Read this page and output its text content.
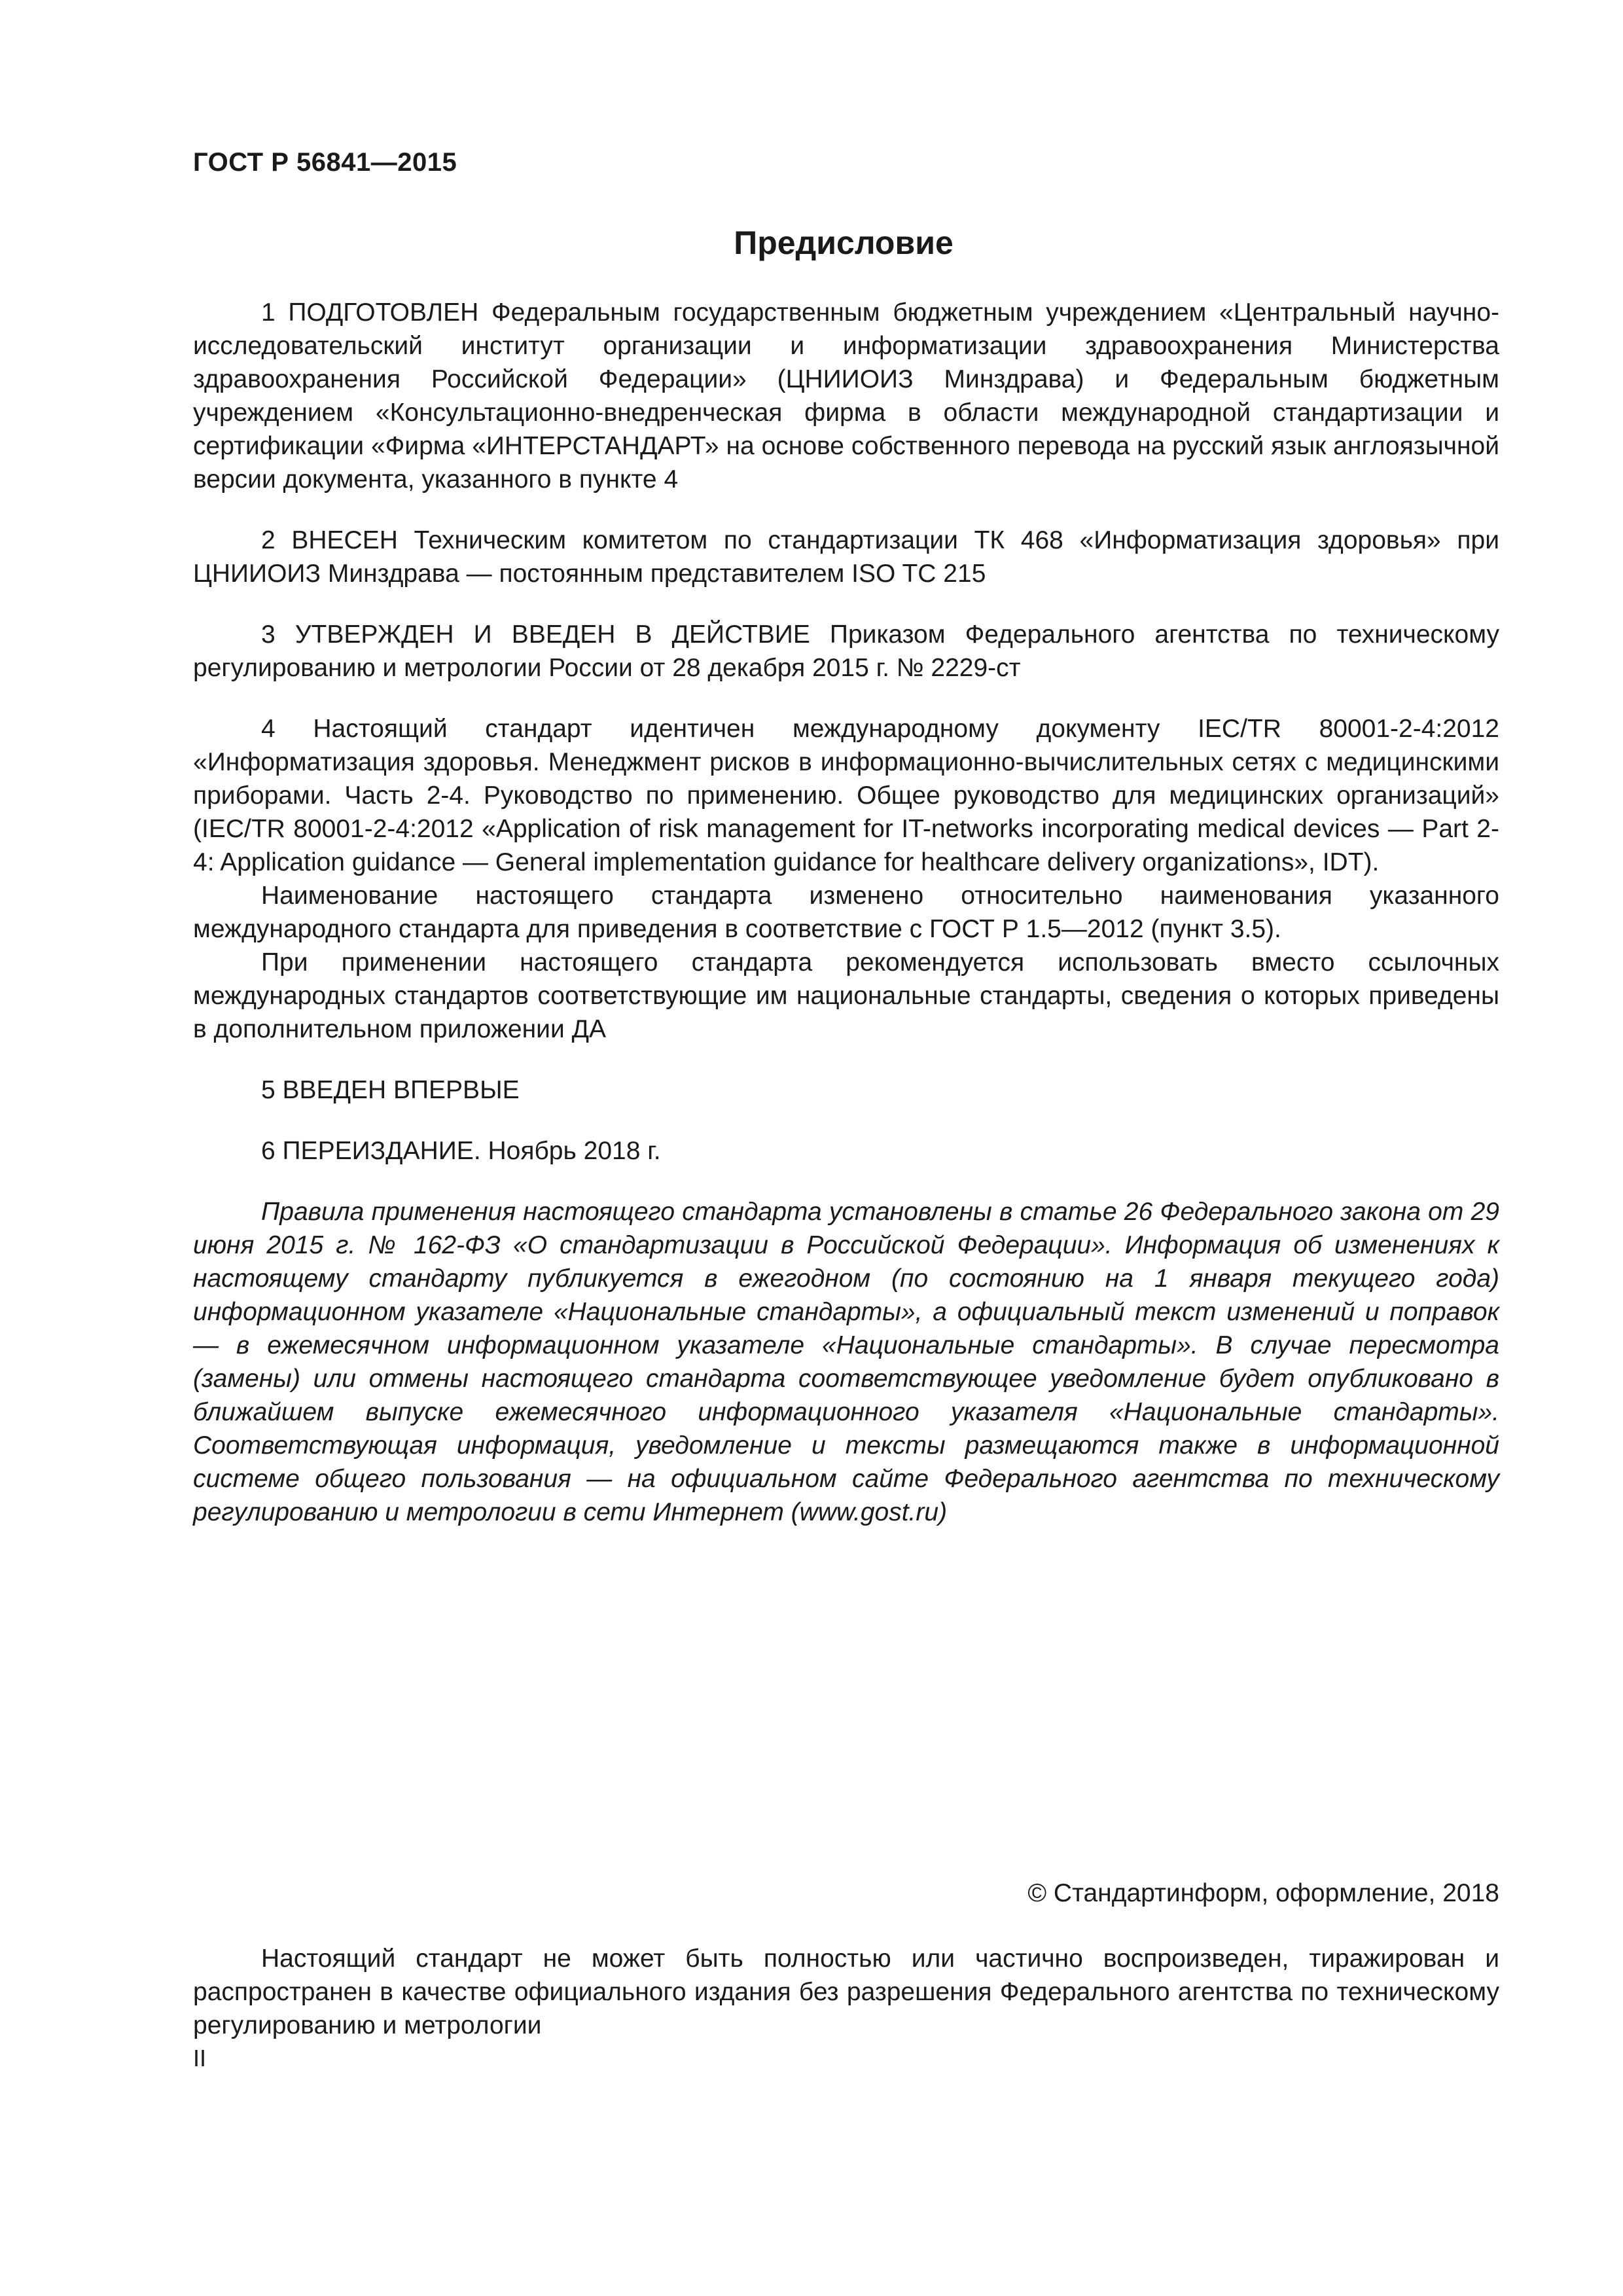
ГОСТ Р 56841—2015
Предисловие

1 ПОДГОТОВЛЕН Федеральным государственным бюджетным учреждением «Центральный научно-исследовательский институт организации и информатизации здравоохранения Министерства здравоохранения Российской Федерации» (ЦНИИОИЗ Минздрава) и Федеральным бюджетным учреждением «Консультационно-внедренческая фирма в области международной стандартизации и сертификации «Фирма «ИНТЕРСТАНДАРТ» на основе собственного перевода на русский язык англоязычной версии документа, указанного в пункте 4

2 ВНЕСЕН Техническим комитетом по стандартизации ТК 468 «Информатизация здоровья» при ЦНИИОИЗ Минздрава — постоянным представителем ISO TC 215

3 УТВЕРЖДЕН И ВВЕДЕН В ДЕЙСТВИЕ Приказом Федерального агентства по техническому регулированию и метрологии России от 28 декабря 2015 г. № 2229-ст

4 Настоящий стандарт идентичен международному документу IEC/TR 80001-2-4:2012 «Информатизация здоровья. Менеджмент рисков в информационно-вычислительных сетях с медицинскими приборами. Часть 2-4. Руководство по применению. Общее руководство для медицинских организаций» (IEC/TR 80001-2-4:2012 «Application of risk management for IT-networks incorporating medical devices — Part 2-4: Application guidance — General implementation guidance for healthcare delivery organizations», IDT).

Наименование настоящего стандарта изменено относительно наименования указанного международного стандарта для приведения в соответствие с ГОСТ Р 1.5—2012 (пункт 3.5).

При применении настоящего стандарта рекомендуется использовать вместо ссылочных международных стандартов соответствующие им национальные стандарты, сведения о которых приведены в дополнительном приложении ДА

5 ВВЕДЕН ВПЕРВЫЕ

6 ПЕРЕИЗДАНИЕ. Ноябрь 2018 г.

Правила применения настоящего стандарта установлены в статье 26 Федерального закона от 29 июня 2015 г. № 162-ФЗ «О стандартизации в Российской Федерации». Информация об изменениях к настоящему стандарту публикуется в ежегодном (по состоянию на 1 января текущего года) информационном указателе «Национальные стандарты», а официальный текст изменений и поправок — в ежемесячном информационном указателе «Национальные стандарты». В случае пересмотра (замены) или отмены настоящего стандарта соответствующее уведомление будет опубликовано в ближайшем выпуске ежемесячного информационного указателя «Национальные стандарты». Соответствующая информация, уведомление и тексты размещаются также в информационной системе общего пользования — на официальном сайте Федерального агентства по техническому регулированию и метрологии в сети Интернет (www.gost.ru)

© Стандартинформ, оформление, 2018

Настоящий стандарт не может быть полностью или частично воспроизведен, тиражирован и распространен в качестве официального издания без разрешения Федерального агентства по техническому регулированию и метрологии

II
